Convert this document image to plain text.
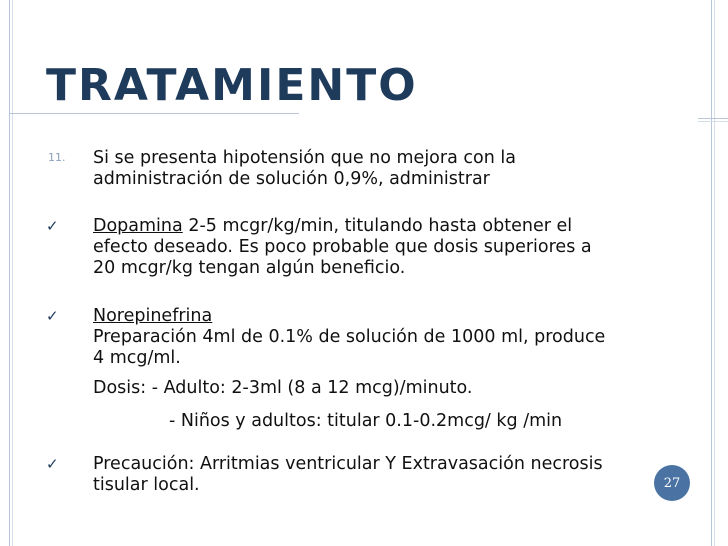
TRATAMIENTO
11. Si se presenta hipotensión que no mejora con la
administración de solución 0,9%, administrar
✓ Dopamina 2-5 mcgr/kg/min, titulando hasta obtener el
efecto deseado. Es poco probable que dosis superiores a
20 mcgr/kg tengan algún beneficio.
✓ Norepinefrina
Preparación 4ml de 0.1% de solución de 1000 ml, produce
4 mcg/ml.
Dosis: - Adulto: 2-3ml (8 a 12 mcg)/minuto.
- Niños y adultos: titular 0.1-0.2mcg/ kg /min
✓ Precaución: Arritmias ventricular Y Extravasación necrosis
tisular local.	27
